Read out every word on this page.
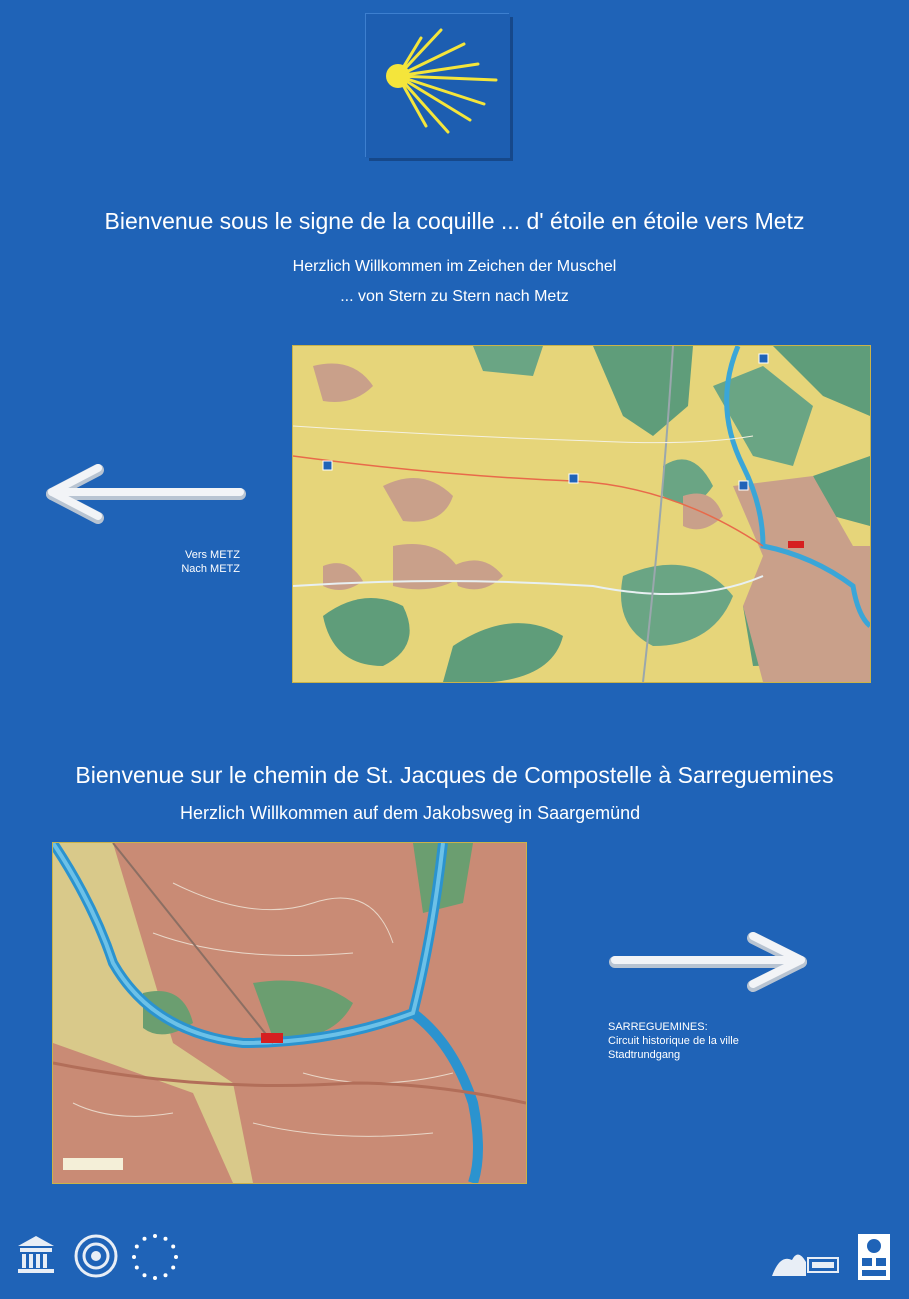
Bienvenue sous le signe de la coquille ... d' étoile en étoile vers Metz
Herzlich Willkommen im Zeichen der Muschel
... von Stern zu Stern nach Metz
Vers METZ
Nach METZ
Bienvenue sur le chemin de St. Jacques de Compostelle à Sarreguemines
Herzlich Willkommen auf dem Jakobsweg in Saargemünd
SARREGUEMINES:
Circuit historique de la ville
Stadtrundgang
